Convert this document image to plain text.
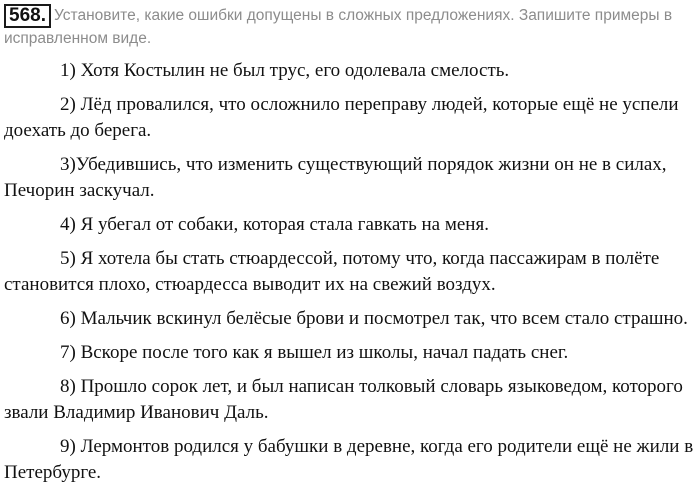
568. Установите, какие ошибки допущены в сложных предложениях. Запишите примеры в исправленном виде.

1) Хотя Костылин не был трус, его одолевала смелость.

2) Лёд провалился, что осложнило переправу людей, которые ещё не успели доехать до берега.

3)Убедившись, что изменить существующий порядок жизни он не в силах, Печорин заскучал.

4) Я убегал от собаки, которая стала гавкать на меня.

5) Я хотела бы стать стюардессой, потому что, когда пассажирам в полёте становится плохо, стюардесса выводит их на свежий воздух.

6) Мальчик вскинул белёсые брови и посмотрел так, что всем стало страшно.

7) Вскоре после того как я вышел из школы, начал падать снег.

8) Прошло сорок лет, и был написан толковый словарь языковедом, которого звали Владимир Иванович Даль.

9) Лермонтов родился у бабушки в деревне, когда его родители ещё не жили в Петербурге.
